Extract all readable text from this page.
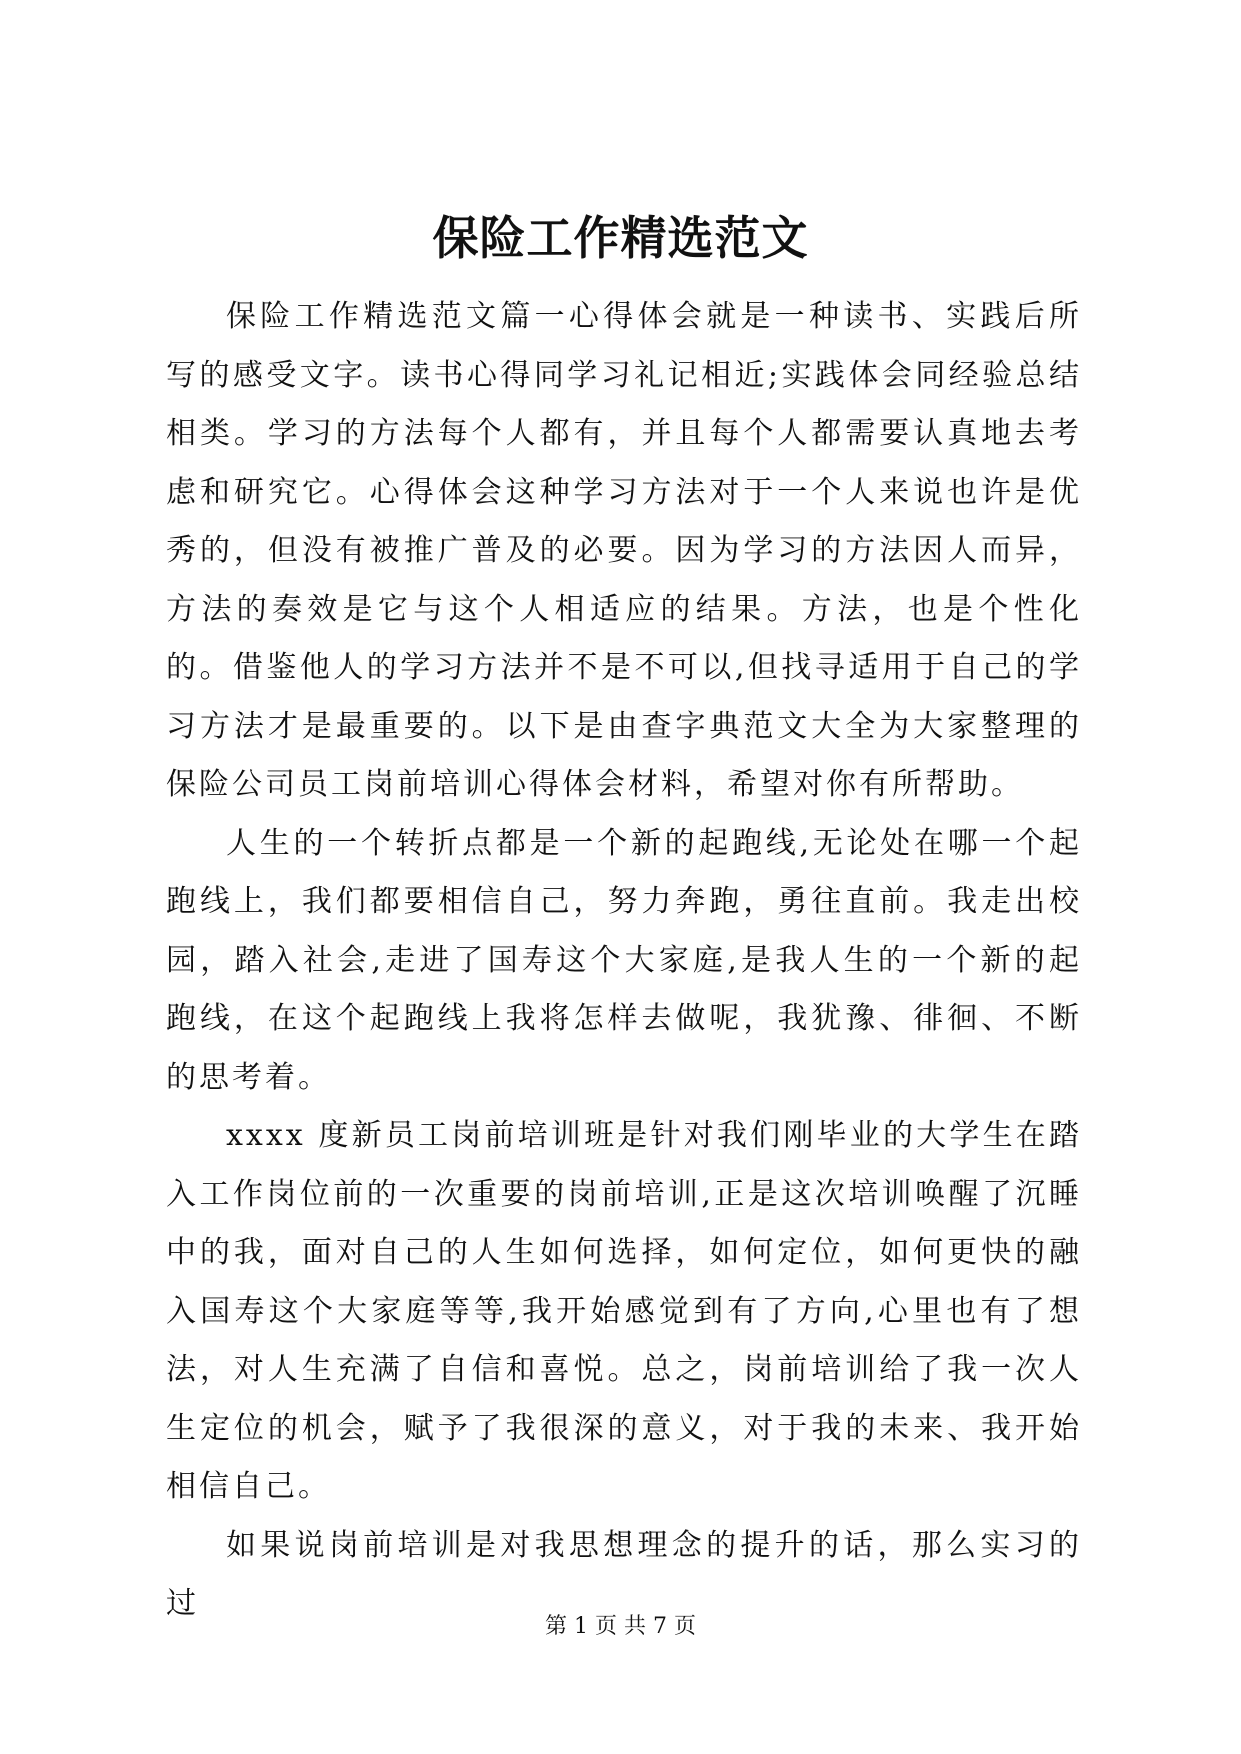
保险工作精选范文

保险工作精选范文篇一心得体会就是一种读书、实践后所写的感受文字。读书心得同学习礼记相近;实践体会同经验总结相类。学习的方法每个人都有，并且每个人都需要认真地去考虑和研究它。心得体会这种学习方法对于一个人来说也许是优秀的，但没有被推广普及的必要。因为学习的方法因人而异，方法的奏效是它与这个人相适应的结果。方法，也是个性化的。借鉴他人的学习方法并不是不可以,但找寻适用于自己的学习方法才是最重要的。以下是由查字典范文大全为大家整理的保险公司员工岗前培训心得体会材料，希望对你有所帮助。

人生的一个转折点都是一个新的起跑线,无论处在哪一个起跑线上，我们都要相信自己，努力奔跑，勇往直前。我走出校园，踏入社会,走进了国寿这个大家庭,是我人生的一个新的起跑线，在这个起跑线上我将怎样去做呢，我犹豫、徘徊、不断的思考着。

xxxx 度新员工岗前培训班是针对我们刚毕业的大学生在踏入工作岗位前的一次重要的岗前培训,正是这次培训唤醒了沉睡中的我，面对自己的人生如何选择，如何定位，如何更快的融入国寿这个大家庭等等,我开始感觉到有了方向,心里也有了想法，对人生充满了自信和喜悦。总之，岗前培训给了我一次人生定位的机会，赋予了我很深的意义，对于我的未来、我开始相信自己。

如果说岗前培训是对我思想理念的提升的话，那么实习的过

第 1 页 共 7 页
